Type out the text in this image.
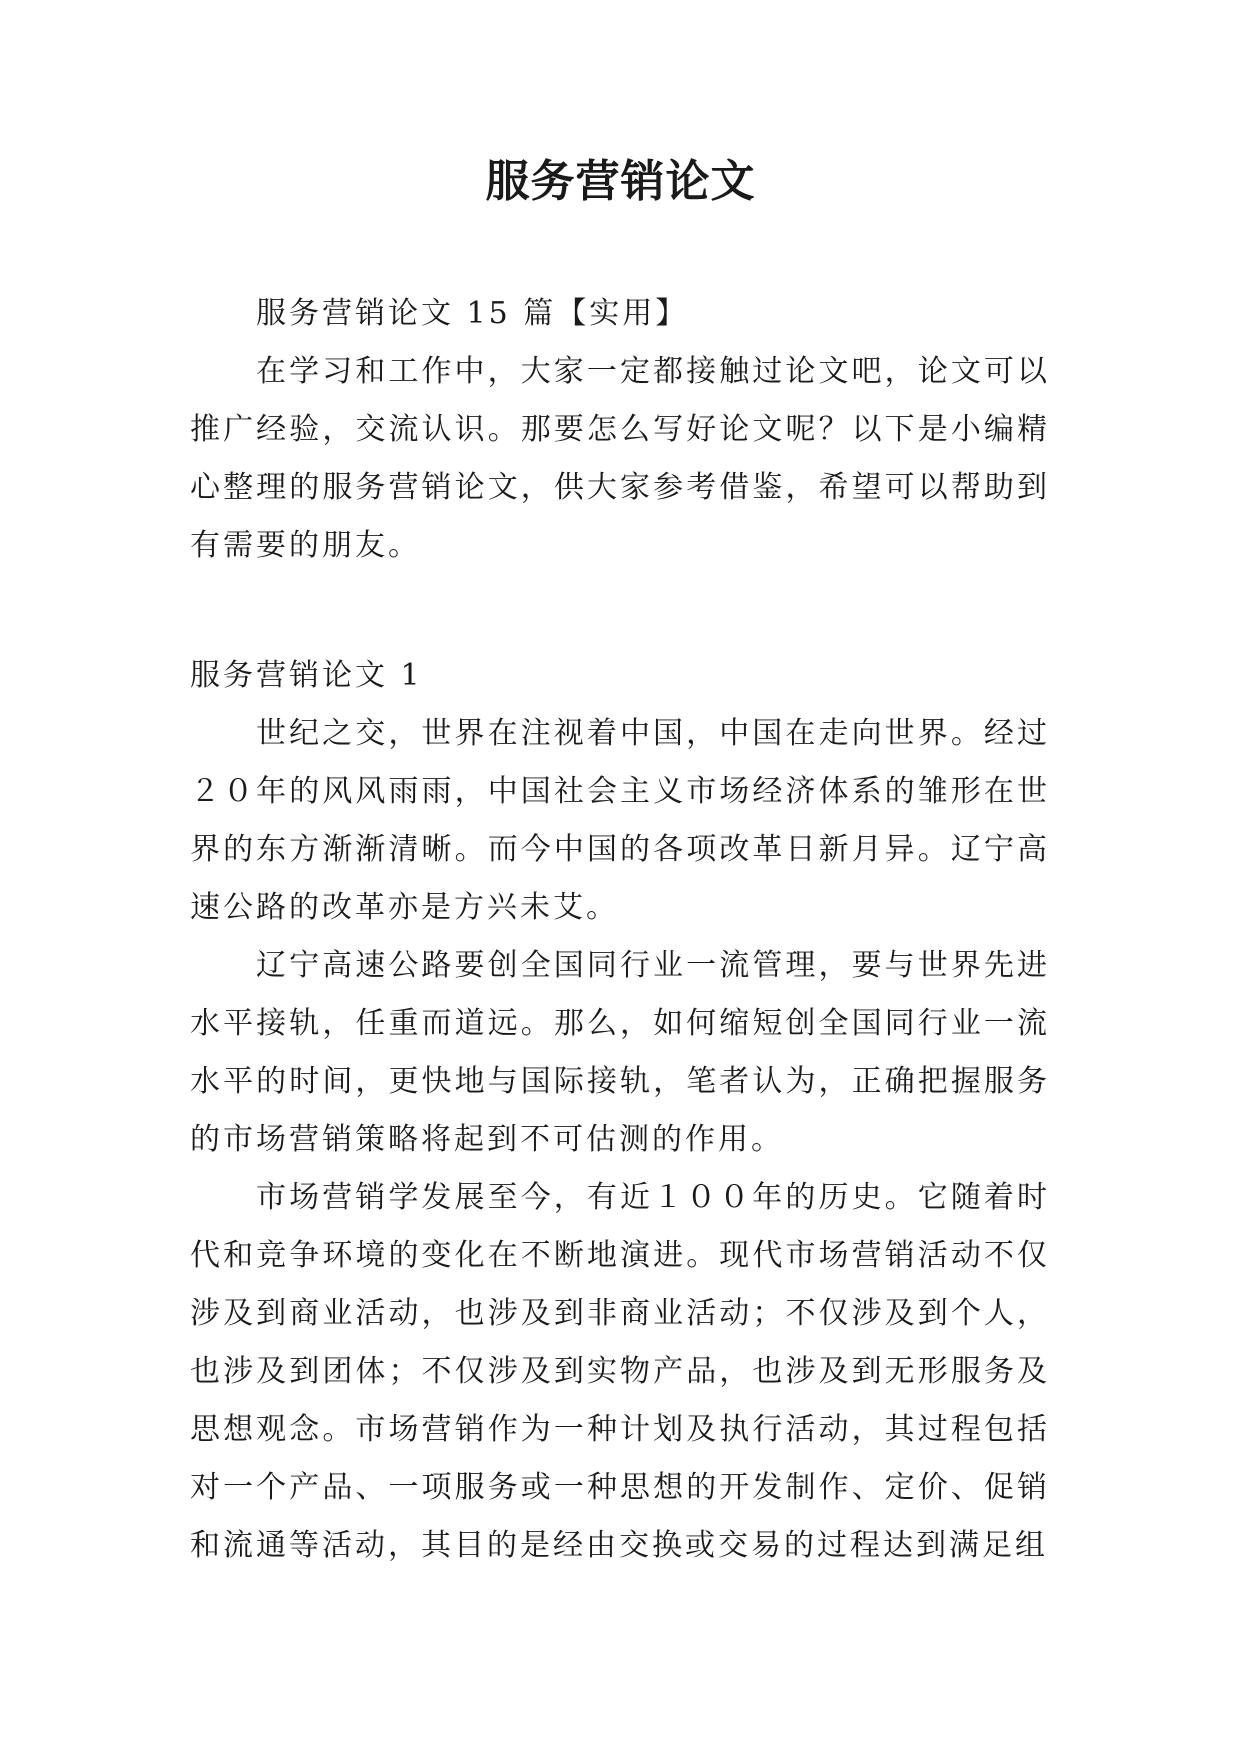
服务营销论文

服务营销论文 15 篇【实用】

在学习和工作中，大家一定都接触过论文吧，论文可以推广经验，交流认识。那要怎么写好论文呢？以下是小编精心整理的服务营销论文，供大家参考借鉴，希望可以帮助到有需要的朋友。

服务营销论文 1

世纪之交，世界在注视着中国，中国在走向世界。经过２０年的风风雨雨，中国社会主义市场经济体系的雏形在世界的东方渐渐清晰。而今中国的各项改革日新月异。辽宁高速公路的改革亦是方兴未艾。

辽宁高速公路要创全国同行业一流管理，要与世界先进水平接轨，任重而道远。那么，如何缩短创全国同行业一流水平的时间，更快地与国际接轨，笔者认为，正确把握服务的市场营销策略将起到不可估测的作用。

市场营销学发展至今，有近１００年的历史。它随着时代和竞争环境的变化在不断地演进。现代市场营销活动不仅涉及到商业活动，也涉及到非商业活动；不仅涉及到个人，也涉及到团体；不仅涉及到实物产品，也涉及到无形服务及思想观念。市场营销作为一种计划及执行活动，其过程包括对一个产品、一项服务或一种思想的开发制作、定价、促销和流通等活动，其目的是经由交换或交易的过程达到满足组
